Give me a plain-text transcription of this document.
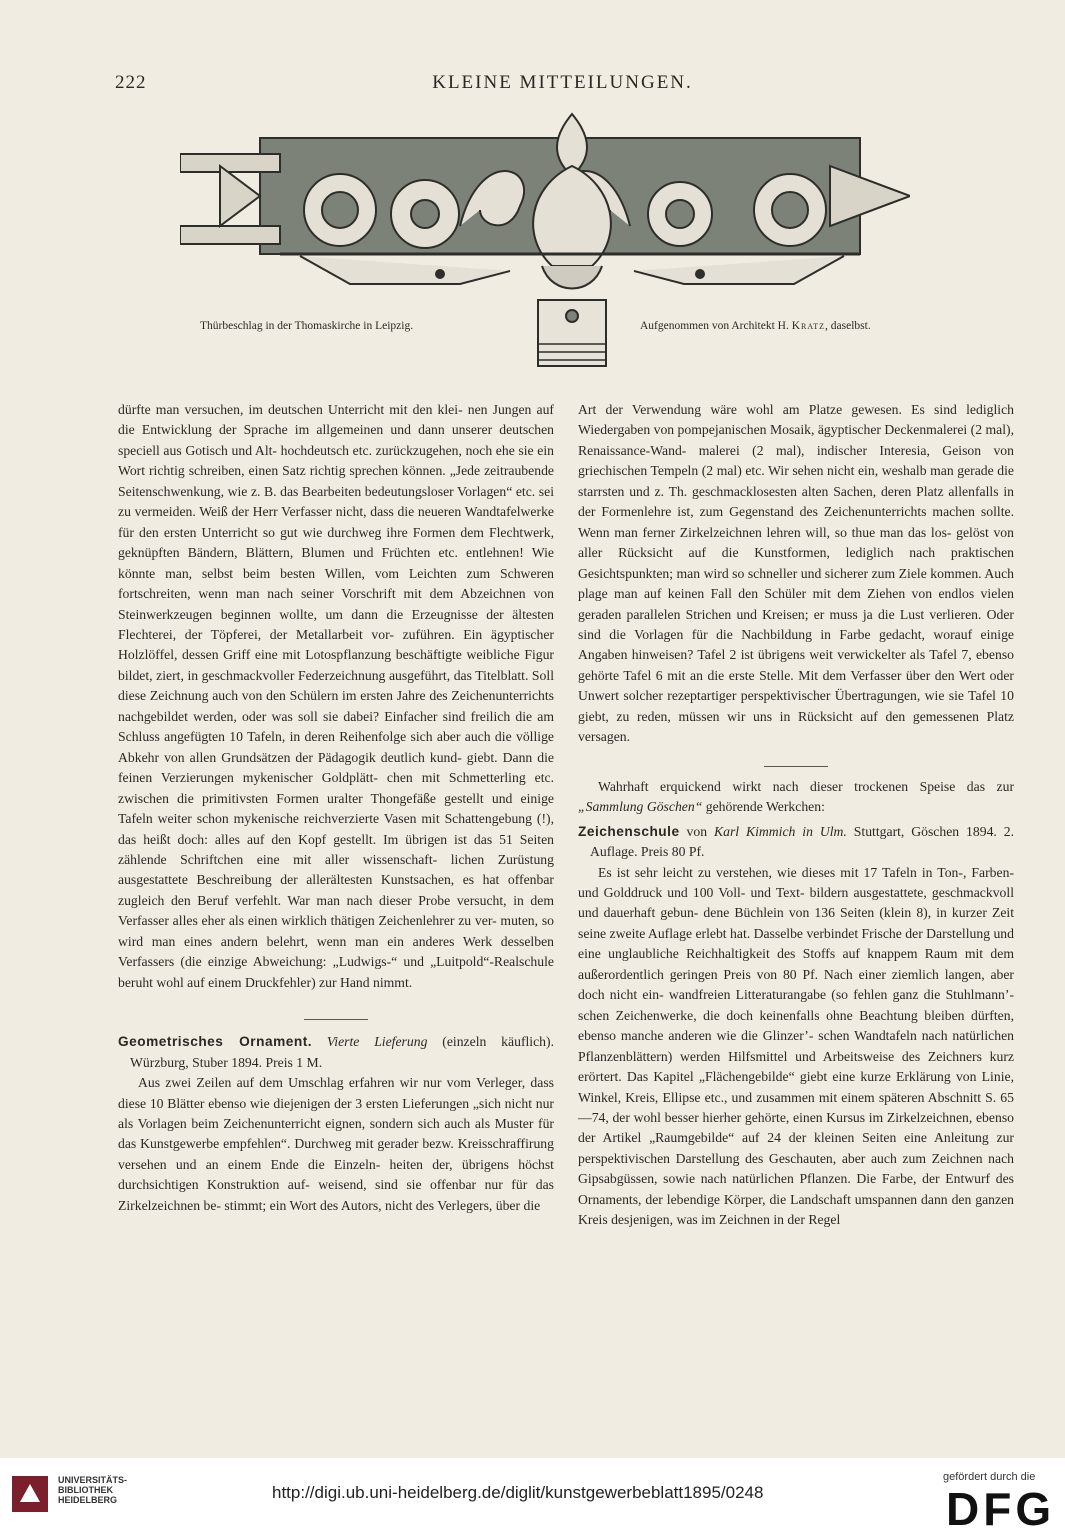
222	KLEINE MITTEILUNGEN.
Thürbeschlag in der Thomaskirche in Leipzig.	Aufgenommen von Architekt H. Kratz, daselbst.

dürfte man versuchen, im deutschen Unterricht mit den klei- nen Jungen auf die Entwicklung der Sprache im allgemeinen und dann unserer deutschen speciell aus Gotisch und Alt- hochdeutsch etc. zurückzugehen, noch ehe sie ein Wort richtig schreiben, einen Satz richtig sprechen können. „Jede zeitraubende Seitenschwenkung, wie z. B. das Bearbeiten bedeutungsloser Vorlagen“ etc. sei zu vermeiden. Weiß der Herr Verfasser nicht, dass die neueren Wandtafelwerke für den ersten Unterricht so gut wie durchweg ihre Formen dem Flechtwerk, geknüpften Bändern, Blättern, Blumen und Früchten etc. entlehnen! Wie könnte man, selbst beim besten Willen, vom Leichten zum Schweren fortschreiten, wenn man nach seiner Vorschrift mit dem Abzeichnen von Steinwerkzeugen beginnen wollte, um dann die Erzeugnisse der ältesten Flechterei, der Töpferei, der Metallarbeit vor- zuführen. Ein ägyptischer Holzlöffel, dessen Griff eine mit Lotospflanzung beschäftigte weibliche Figur bildet, ziert, in geschmackvoller Federzeichnung ausgeführt, das Titelblatt. Soll diese Zeichnung auch von den Schülern im ersten Jahre des Zeichenunterrichts nachgebildet werden, oder was soll sie dabei? Einfacher sind freilich die am Schluss angefügten 10 Tafeln, in deren Reihenfolge sich aber auch die völlige Abkehr von allen Grundsätzen der Pädagogik deutlich kund- giebt. Dann die feinen Verzierungen mykenischer Goldplätt- chen mit Schmetterling etc. zwischen die primitivsten Formen uralter Thongefäße gestellt und einige Tafeln weiter schon mykenische reichverzierte Vasen mit Schattengebung (!), das heißt doch: alles auf den Kopf gestellt. Im übrigen ist das 51 Seiten zählende Schriftchen eine mit aller wissenschaft- lichen Zurüstung ausgestattete Beschreibung der allerältesten Kunstsachen, es hat offenbar zugleich den Beruf verfehlt. War man nach dieser Probe versucht, in dem Verfasser alles eher als einen wirklich thätigen Zeichenlehrer zu ver- muten, so wird man eines andern belehrt, wenn man ein anderes Werk desselben Verfassers (die einzige Abweichung: „Ludwigs-“ und „Luitpold“-Realschule beruht wohl auf einem Druckfehler) zur Hand nimmt.

Geometrisches Ornament. Vierte Lieferung (einzeln käuflich). Würzburg, Stuber 1894. Preis 1 M.

Aus zwei Zeilen auf dem Umschlag erfahren wir nur vom Verleger, dass diese 10 Blätter ebenso wie diejenigen der 3 ersten Lieferungen „sich nicht nur als Vorlagen beim Zeichenunterricht eignen, sondern sich auch als Muster für das Kunstgewerbe empfehlen“. Durchweg mit gerader bezw. Kreisschraffirung versehen und an einem Ende die Einzeln- heiten der, übrigens höchst durchsichtigen Konstruktion auf- weisend, sind sie offenbar nur für das Zirkelzeichnen be- stimmt; ein Wort des Autors, nicht des Verlegers, über die

Art der Verwendung wäre wohl am Platze gewesen. Es sind lediglich Wiedergaben von pompejanischen Mosaik, ägyptischer Deckenmalerei (2 mal), Renaissance-Wand- malerei (2 mal), indischer Interesia, Geison von griechischen Tempeln (2 mal) etc. Wir sehen nicht ein, weshalb man gerade die starrsten und z. Th. geschmacklosesten alten Sachen, deren Platz allenfalls in der Formenlehre ist, zum Gegenstand des Zeichenunterrichts machen sollte. Wenn man ferner Zirkelzeichnen lehren will, so thue man das los- gelöst von aller Rücksicht auf die Kunstformen, lediglich nach praktischen Gesichtspunkten; man wird so schneller und sicherer zum Ziele kommen. Auch plage man auf keinen Fall den Schüler mit dem Ziehen von endlos vielen geraden parallelen Strichen und Kreisen; er muss ja die Lust verlieren. Oder sind die Vorlagen für die Nachbildung in Farbe gedacht, worauf einige Angaben hinweisen? Tafel 2 ist übrigens weit verwickelter als Tafel 7, ebenso gehörte Tafel 6 mit an die erste Stelle. Mit dem Verfasser über den Wert oder Unwert solcher rezeptartiger perspektivischer Übertragungen, wie sie Tafel 10 giebt, zu reden, müssen wir uns in Rücksicht auf den gemessenen Platz versagen.

Wahrhaft erquickend wirkt nach dieser trockenen Speise das zur „Sammlung Göschen“ gehörende Werkchen:

Zeichenschule von Karl Kimmich in Ulm. Stuttgart, Göschen 1894. 2. Auflage. Preis 80 Pf.

Es ist sehr leicht zu verstehen, wie dieses mit 17 Tafeln in Ton-, Farben- und Golddruck und 100 Voll- und Text- bildern ausgestattete, geschmackvoll und dauerhaft gebun- dene Büchlein von 136 Seiten (klein 8), in kurzer Zeit seine zweite Auflage erlebt hat. Dasselbe verbindet Frische der Darstellung und eine unglaubliche Reichhaltigkeit des Stoffs auf knappem Raum mit dem außerordentlich geringen Preis von 80 Pf. Nach einer ziemlich langen, aber doch nicht ein- wandfreien Litteraturangabe (so fehlen ganz die Stuhlmann’- schen Zeichenwerke, die doch keinenfalls ohne Beachtung bleiben dürften, ebenso manche anderen wie die Glinzer’- schen Wandtafeln nach natürlichen Pflanzenblättern) werden Hilfsmittel und Arbeitsweise des Zeichners kurz erörtert. Das Kapitel „Flächengebilde“ giebt eine kurze Erklärung von Linie, Winkel, Kreis, Ellipse etc., und zusammen mit einem späteren Abschnitt S. 65—74, der wohl besser hierher gehörte, einen Kursus im Zirkelzeichnen, ebenso der Artikel „Raumgebilde“ auf 24 der kleinen Seiten eine Anleitung zur perspektivischen Darstellung des Geschauten, aber auch zum Zeichnen nach Gipsabgüssen, sowie nach natürlichen Pflanzen. Die Farbe, der Entwurf des Ornaments, der lebendige Körper, die Landschaft umspannen dann den ganzen Kreis desjenigen, was im Zeichnen in der Regel

UNIVERSITÄTS-
BIBLIOTHEK
HEIDELBERG	http://digi.ub.uni-heidelberg.de/diglit/kunstgewerbeblatt1895/0248
gefördert durch die
DFG
